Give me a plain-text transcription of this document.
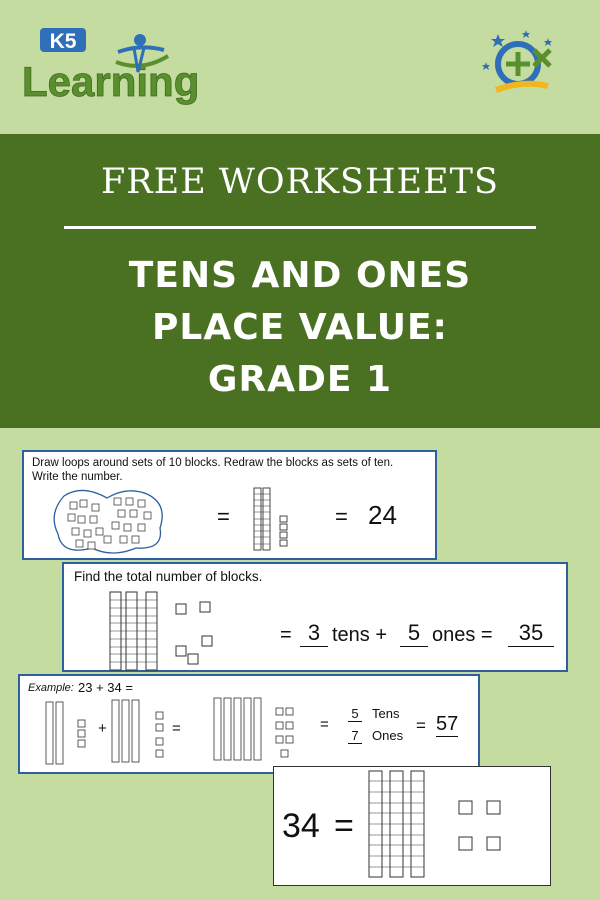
K5
Learning
FREE WORKSHEETS
TENS AND ONES
PLACE VALUE:
GRADE 1
Draw loops around sets of 10 blocks. Redraw the blocks as sets of ten.
Write the number.
=	= 24
Find the total number of blocks.
= 3 tens + 5 ones =	35
Example: 23 + 34 =
+	=	=
5 Tens
7 Ones
= 57
34 =
